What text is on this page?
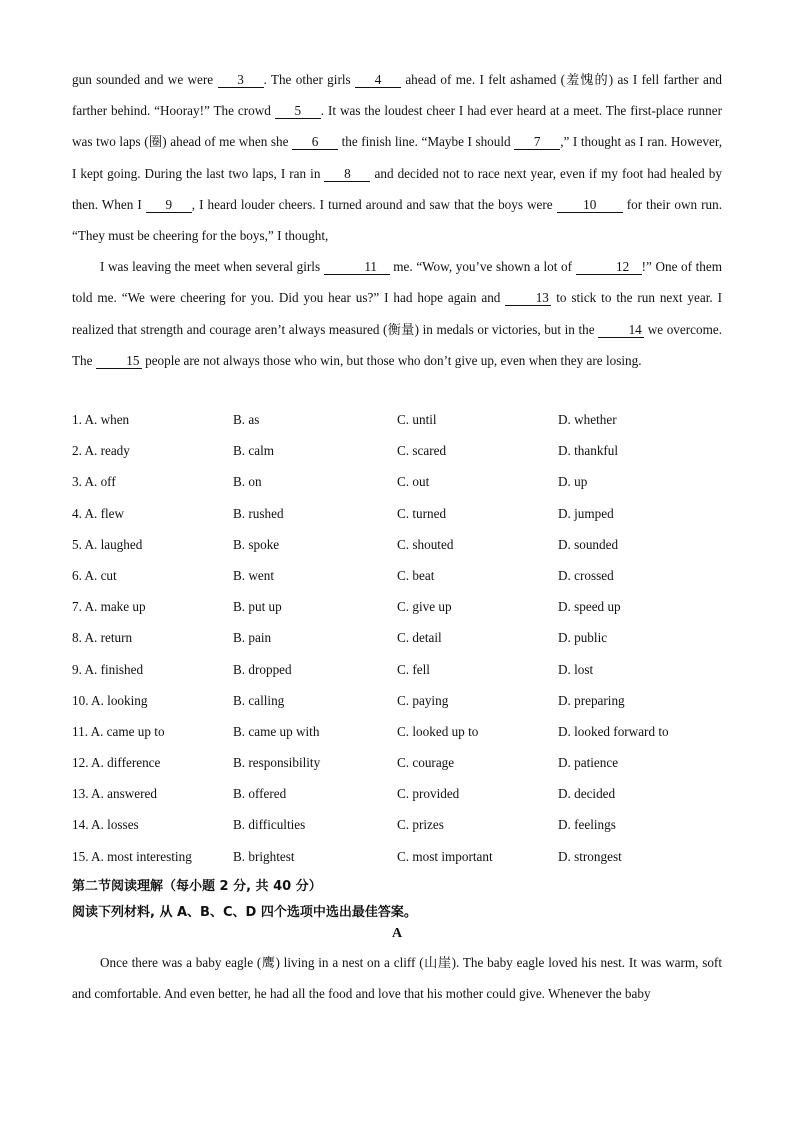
gun sounded and we were 3 . The other girls 4 ahead of me. I felt ashamed (羞愧的) as I fell farther and farther behind. “Hooray!” The crowd 5 . It was the loudest cheer I had ever heard at a meet. The first-place runner was two laps (圈) ahead of me when she 6 the finish line. “Maybe I should 7 ,” I thought as I ran. However, I kept going. During the last two laps, I ran in 8 and decided not to race next year, even if my foot had healed by then. When I 9 , I heard louder cheers. I turned around and saw that the boys were 10 for their own run. “They must be cheering for the boys,” I thought,

I was leaving the meet when several girls	11 me. “Wow, you’ve shown a lot of	12 !” One of them told me. “We were cheering for you. Did you hear us?” I had hope again and 13 to stick to the run next year. I realized that strength and courage aren’t always measured (衡量) in medals or victories, but in the 14 we overcome. The 15 people are not always those who win, but those who don’t give up, even when they are losing.

1. A. when	B. as	C. until	D. whether
2. A. ready	B. calm	C. scared	D. thankful
3. A. off	B. on	C. out	D. up
4. A. flew	B. rushed	C. turned	D. jumped
5. A. laughed	B. spoke	C. shouted	D. sounded
6. A. cut	B. went	C. beat	D. crossed
7. A. make up	B. put up	C. give up	D. speed up
8. A. return	B. pain	C. detail	D. public
9. A. finished	B. dropped	C. fell	D. lost
10. A. looking	B. calling	C. paying	D. preparing
11. A. came up to	B. came up with	C. looked up to	D. looked forward to
12. A. difference	B. responsibility	C. courage	D. patience
13. A. answered	B. offered	C. provided	D. decided
14. A. losses	B. difficulties	C. prizes	D. feelings
15. A. most interesting	B. brightest	C. most important	D. strongest
第二节阅读理解（每小题 2 分, 共 40 分）
阅读下列材料, 从 A、B、C、D 四个选项中选出最佳答案。
A

Once there was a baby eagle (鹰) living in a nest on a cliff (山崖). The baby eagle loved his nest. It was warm, soft and comfortable. And even better, he had all the food and love that his mother could give. Whenever the baby
